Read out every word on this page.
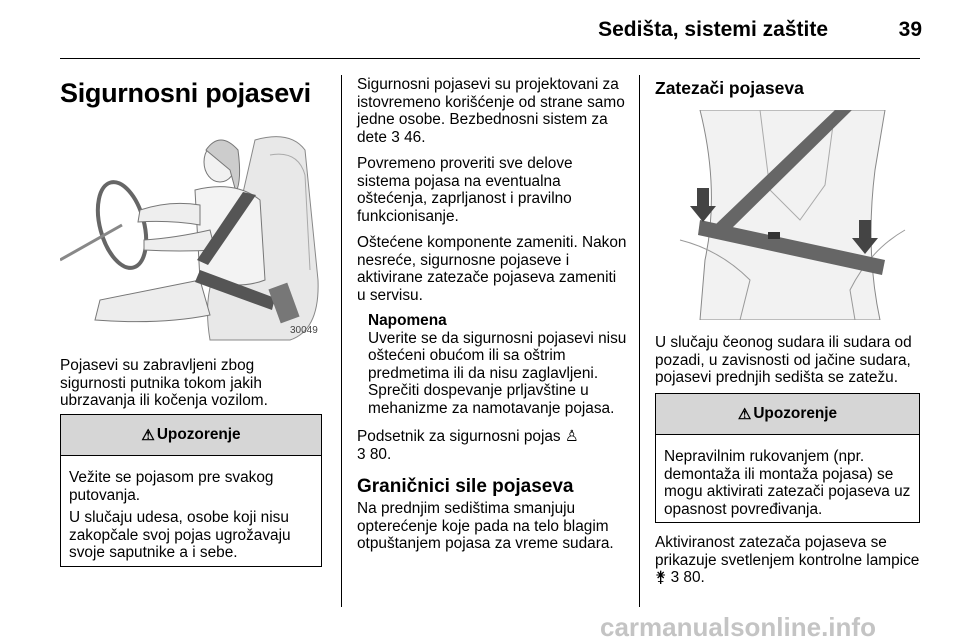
Sedišta, sistemi zaštite	39
Sigurnosni pojasevi
30049

Pojasevi su zabravljeni zbog sigurnosti putnika tokom jakih ubrzavanja ili kočenja vozilom.

⚠ Upozorenje

Vežite se pojasom pre svakog putovanja.

U slučaju udesa, osobe koji nisu zakopčale svoj pojas ugrožavaju svoje saputnike a i sebe.

Sigurnosni pojasevi su projektovani za istovremeno korišćenje od strane samo jedne osobe. Bezbednosni sistem za dete 3 46.

Povremeno proveriti sve delove sistema pojasa na eventualna oštećenja, zaprljanost i pravilno funkcionisanje.

Oštećene komponente zameniti. Nakon nesreće, sigurnosne pojaseve i aktivirane zatezače pojaseva zameniti u servisu.

Napomena

Uverite se da sigurnosni pojasevi nisu oštećeni obućom ili sa oštrim predmetima ili da nisu zaglavljeni. Sprečiti dospevanje prljavštine u mehanizme za namotavanje pojasa.

Podsetnik za sigurnosni pojas ♙
3 80.

Graničnici sile pojaseva

Na prednjim sedištima smanjuju opterećenje koje pada na telo blagim otpuštanjem pojasa za vreme sudara.

Zatezači pojaseva

U slučaju čeonog sudara ili sudara od pozadi, u zavisnosti od jačine sudara, pojasevi prednjih sedišta se zatežu.

⚠ Upozorenje

Nepravilnim rukovanjem (npr. demontaža ili montaža pojasa) se mogu aktivirati zatezači pojaseva uz opasnost povređivanja.

Aktiviranost zatezača pojaseva se prikazuje svetlenjem kontrolne lampice
⚵ 3 80.

carmanualsonline.info
